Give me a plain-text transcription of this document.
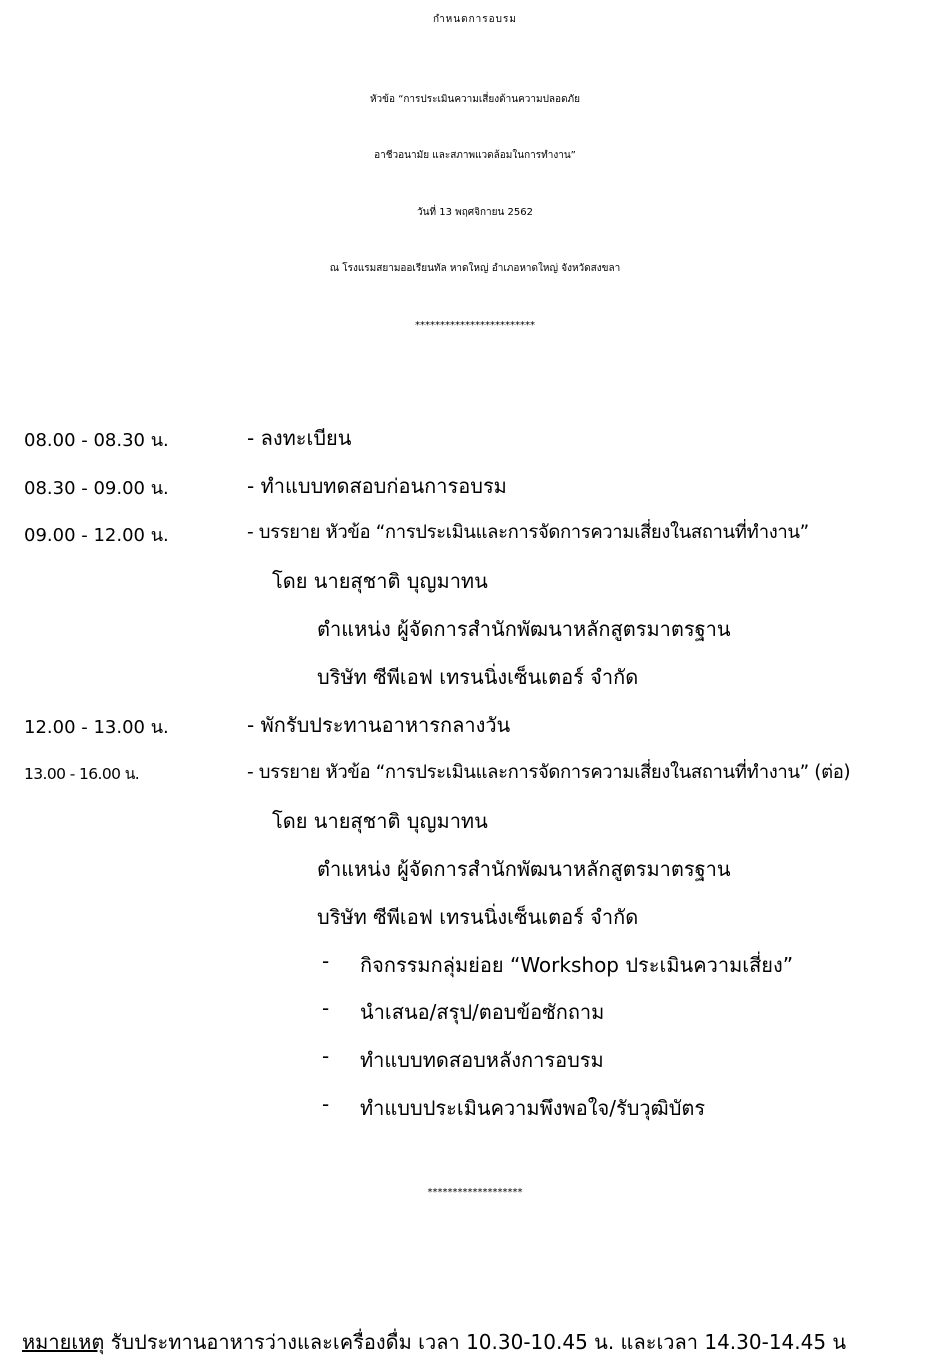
กำหนดการอบรม
หัวข้อ “การประเมินความเสี่ยงด้านความปลอดภัย
อาชีวอนามัย และสภาพแวดล้อมในการทำงาน”
วันที่ 13 พฤศจิกายน 2562
ณ โรงแรมสยามออเรียนทัล หาดใหญ่ อำเภอหาดใหญ่ จังหวัดสงขลา
************************
08.00 - 08.30 น.	- ลงทะเบียน
08.30 - 09.00 น.	- ทำแบบทดสอบก่อนการอบรม
09.00 - 12.00 น.	- บรรยาย หัวข้อ “การประเมินและการจัดการความเสี่ยงในสถานที่ทำงาน”
โดย นายสุชาติ บุญมาทน
ตำแหน่ง ผู้จัดการสำนักพัฒนาหลักสูตรมาตรฐาน
บริษัท ซีพีเอฟ เทรนนิ่งเซ็นเตอร์ จำกัด
12.00 - 13.00 น.	- พักรับประทานอาหารกลางวัน
13.00 - 16.00 น.	- บรรยาย หัวข้อ “การประเมินและการจัดการความเสี่ยงในสถานที่ทำงาน” (ต่อ)
โดย นายสุชาติ บุญมาทน
ตำแหน่ง ผู้จัดการสำนักพัฒนาหลักสูตรมาตรฐาน
บริษัท ซีพีเอฟ เทรนนิ่งเซ็นเตอร์ จำกัด
- กิจกรรมกลุ่มย่อย “Workshop ประเมินความเสี่ยง”
- นำเสนอ/สรุป/ตอบข้อซักถาม
- ทำแบบทดสอบหลังการอบรม
- ทำแบบประเมินความพึงพอใจ/รับวุฒิบัตร
*******************
หมายเหตุ รับประทานอาหารว่างและเครื่องดื่ม เวลา 10.30-10.45 น. และเวลา 14.30-14.45 น
